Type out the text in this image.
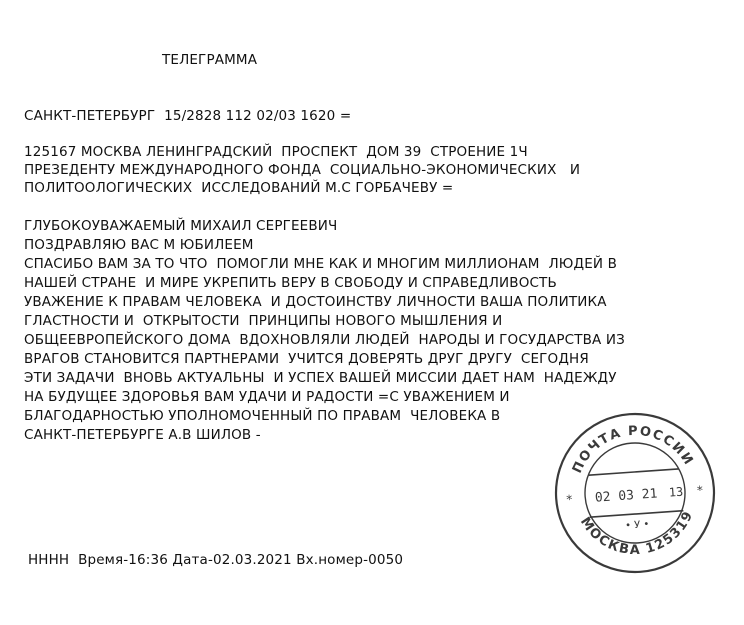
ТЕЛЕГРАММА
САНКТ-ПЕТЕРБУРГ  15/2828 112 02/03 1620 =
125167 МОСКВА ЛЕНИНГРАДСКИЙ  ПРОСПЕКТ  ДОМ 39  СТРОЕНИЕ 1Ч
ПРЕЗЕДЕНТУ МЕЖДУНАРОДНОГО ФОНДА  СОЦИАЛЬНО-ЭКОНОМИЧЕСКИХ   И
ПОЛИТООЛОГИЧЕСКИХ  ИССЛЕДОВАНИЙ М.С ГОРБАЧЕВУ =
ГЛУБОКОУВАЖАЕМЫЙ МИХАИЛ СЕРГЕЕВИЧ
ПОЗДРАВЛЯЮ ВАС М ЮБИЛЕЕМ
СПАСИБО ВАМ ЗА ТО ЧТО  ПОМОГЛИ МНЕ КАК И МНОГИМ МИЛЛИОНАМ  ЛЮДЕЙ В
НАШЕЙ СТРАНЕ  И МИРЕ УКРЕПИТЬ ВЕРУ В СВОБОДУ И СПРАВЕДЛИВОСТЬ
УВАЖЕНИЕ К ПРАВАМ ЧЕЛОВЕКА  И ДОСТОИНСТВУ ЛИЧНОСТИ ВАША ПОЛИТИКА
ГЛАСТНОСТИ И  ОТКРЫТОСТИ  ПРИНЦИПЫ НОВОГО МЫШЛЕНИЯ И
ОБЩЕЕВРОПЕЙСКОГО ДОМА  ВДОХНОВЛЯЛИ ЛЮДЕЙ  НАРОДЫ И ГОСУДАРСТВА ИЗ
ВРАГОВ СТАНОВИТСЯ ПАРТНЕРАМИ  УЧИТСЯ ДОВЕРЯТЬ ДРУГ ДРУГУ  СЕГОДНЯ
ЭТИ ЗАДАЧИ  ВНОВЬ АКТУАЛЬНЫ  И УСПЕХ ВАШЕЙ МИССИИ ДАЕТ НАМ  НАДЕЖДУ
НА БУДУЩЕЕ ЗДОРОВЬЯ ВАМ УДАЧИ И РАДОСТИ =С УВАЖЕНИЕМ И
БЛАГОДАРНОСТЬЮ УПОЛНОМОЧЕННЫЙ ПО ПРАВАМ  ЧЕЛОВЕКА В
САНКТ-ПЕТЕРБУРГЕ А.В ШИЛОВ -
НННН  Время-16:36 Дата-02.03.2021 Вх.номер-0050
ПОЧТА РОССИИ
МОСКВА 125319
*
*
02 03 21 13
• У •
